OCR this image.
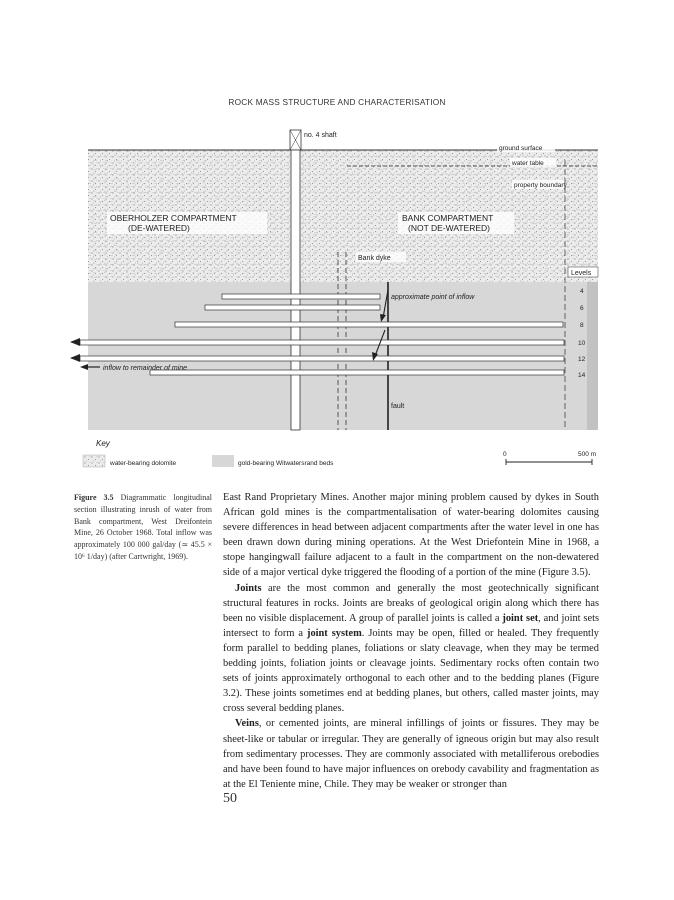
ROCK MASS STRUCTURE AND CHARACTERISATION
no. 4 shaft
ground surface
water table
property boundary
OBERHOLZER COMPARTMENT
(DE-WATERED)
BANK COMPARTMENT
(NOT DE-WATERED)
Bank dyke
Levels
approximate point of inflow
inflow to remainder of mine
fault
4
6
8
10
12
14
Key
water-bearing dolomite	gold-bearing Witwatersrand beds
0	500 m
Figure 3.5 Diagrammatic longitudinal section illustrating inrush of water from Bank compartment, West Dreifontein Mine, 26 October 1968. Total inflow was approximately 100 000 gal/day (≃ 45.5 × 10⁶ 1/day) (after Cartwright, 1969).

East Rand Proprietary Mines. Another major mining problem caused by dykes in South African gold mines is the compartmentalisation of water-bearing dolomites causing severe differences in head between adjacent compartments after the water level in one has been drawn down during mining operations. At the West Driefontein Mine in 1968, a stope hangingwall failure adjacent to a fault in the compartment on the non-dewatered side of a major vertical dyke triggered the flooding of a portion of the mine (Figure 3.5).

Joints are the most common and generally the most geotechnically significant structural features in rocks. Joints are breaks of geological origin along which there has been no visible displacement. A group of parallel joints is called a joint set, and joint sets intersect to form a joint system. Joints may be open, filled or healed. They frequently form parallel to bedding planes, foliations or slaty cleavage, when they may be termed bedding joints, foliation joints or cleavage joints. Sedimentary rocks often contain two sets of joints approximately orthogonal to each other and to the bedding planes (Figure 3.2). These joints sometimes end at bedding planes, but others, called master joints, may cross several bedding planes.

Veins, or cemented joints, are mineral infillings of joints or fissures. They may be sheet-like or tabular or irregular. They are generally of igneous origin but may also result from sedimentary processes. They are commonly associated with metalliferous orebodies and have been found to have major influences on orebody cavability and fragmentation as at the El Teniente mine, Chile. They may be weaker or stronger than

50
